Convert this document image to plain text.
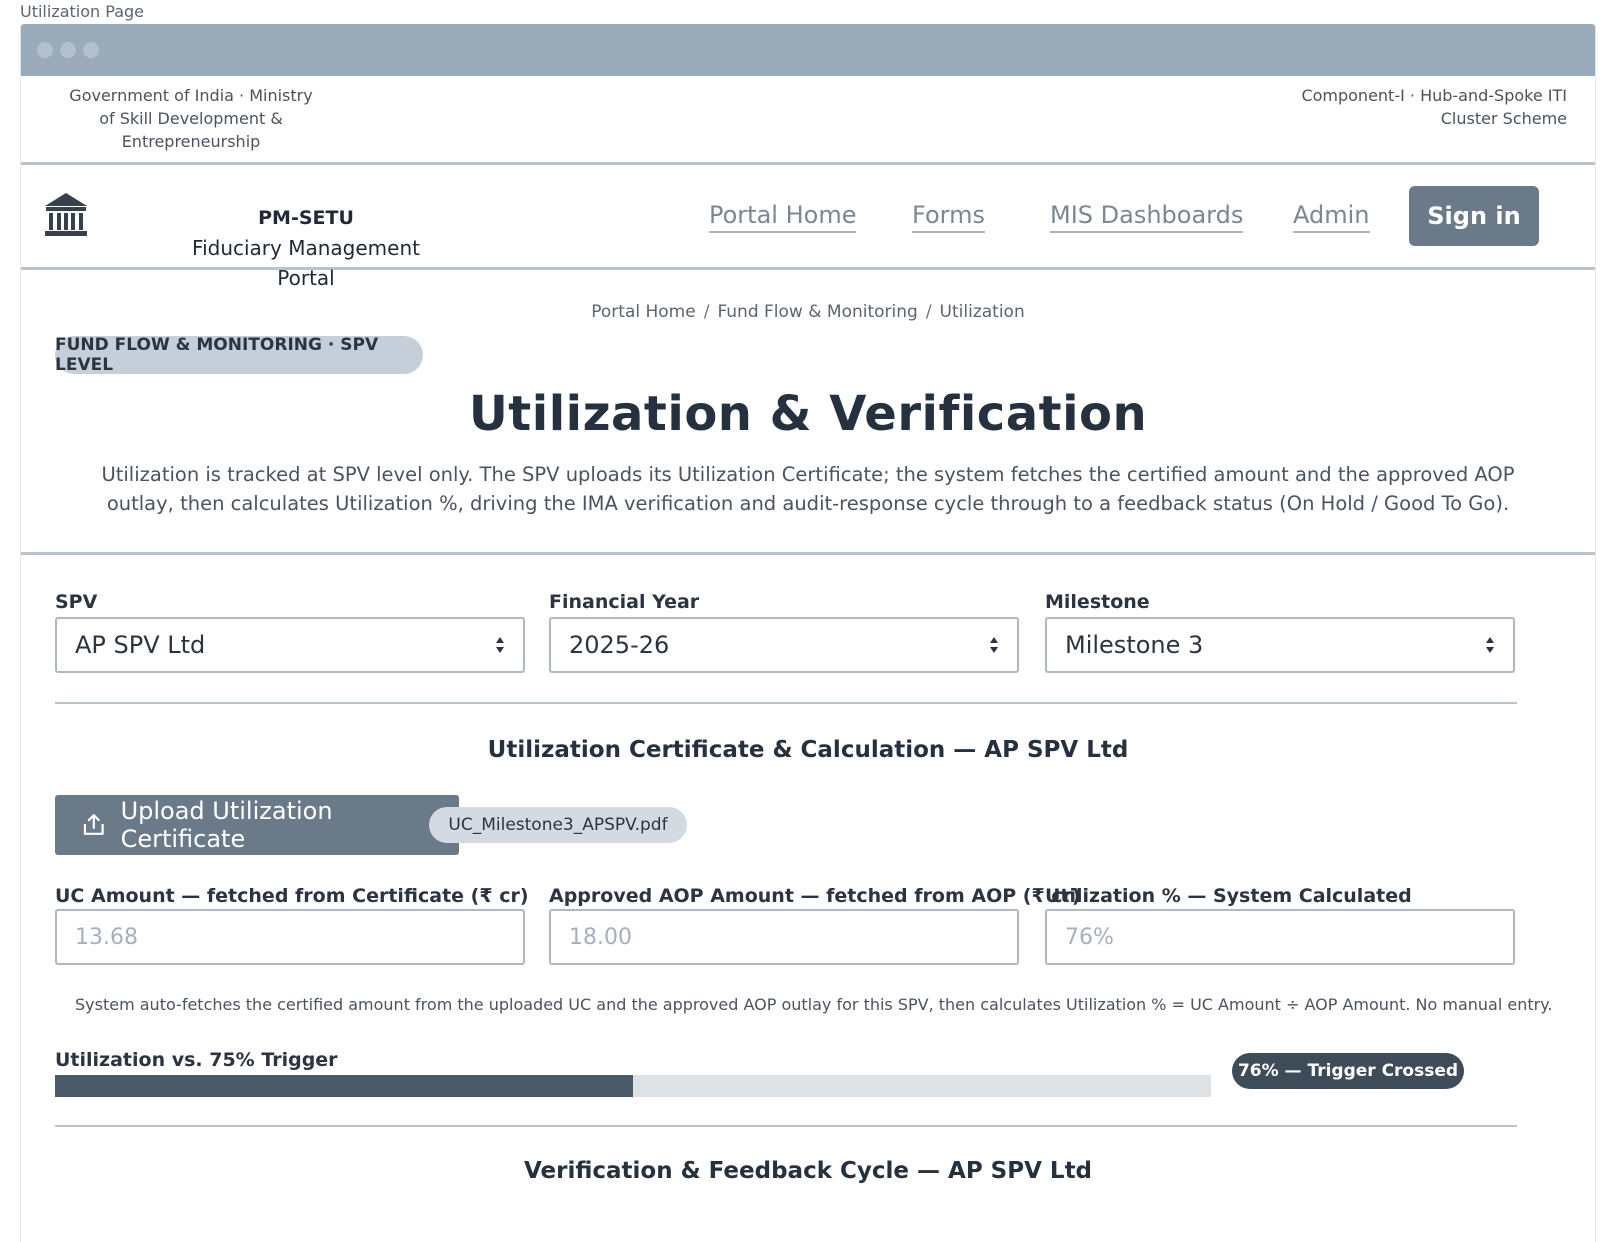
Utilization Page
Government of India · Ministry of Skill Development & Entrepreneurship
Component-I · Hub-and-Spoke ITI Cluster Scheme
PM-SETU
Fiduciary Management Portal
Portal Home Forms	MIS Dashboards Admin	Sign in
Portal Home / Fund Flow & Monitoring / Utilization
FUND FLOW & MONITORING · SPV LEVEL
Utilization & Verification
Utilization is tracked at SPV level only. The SPV uploads its Utilization Certificate; the system fetches the certified amount and the approved AOP outlay, then calculates Utilization %, driving the IMA verification and audit-response cycle through to a feedback status (On Hold / Good To Go).
SPV
AP SPV Ltd
Financial Year
2025-26
Milestone
Milestone 3
Utilization Certificate & Calculation — AP SPV Ltd
Upload Utilization Certificate	UC_Milestone3_APSPV.pdf
UC Amount — fetched from Certificate (₹ cr)
13.68
Approved AOP Amount — fetched from AOP (₹ cr)
18.00
Utilization % — System Calculated
76%
System auto-fetches the certified amount from the uploaded UC and the approved AOP outlay for this SPV, then calculates Utilization % = UC Amount ÷ AOP Amount. No manual entry.
Utilization vs. 75% Trigger	76% — Trigger Crossed
Verification & Feedback Cycle — AP SPV Ltd
